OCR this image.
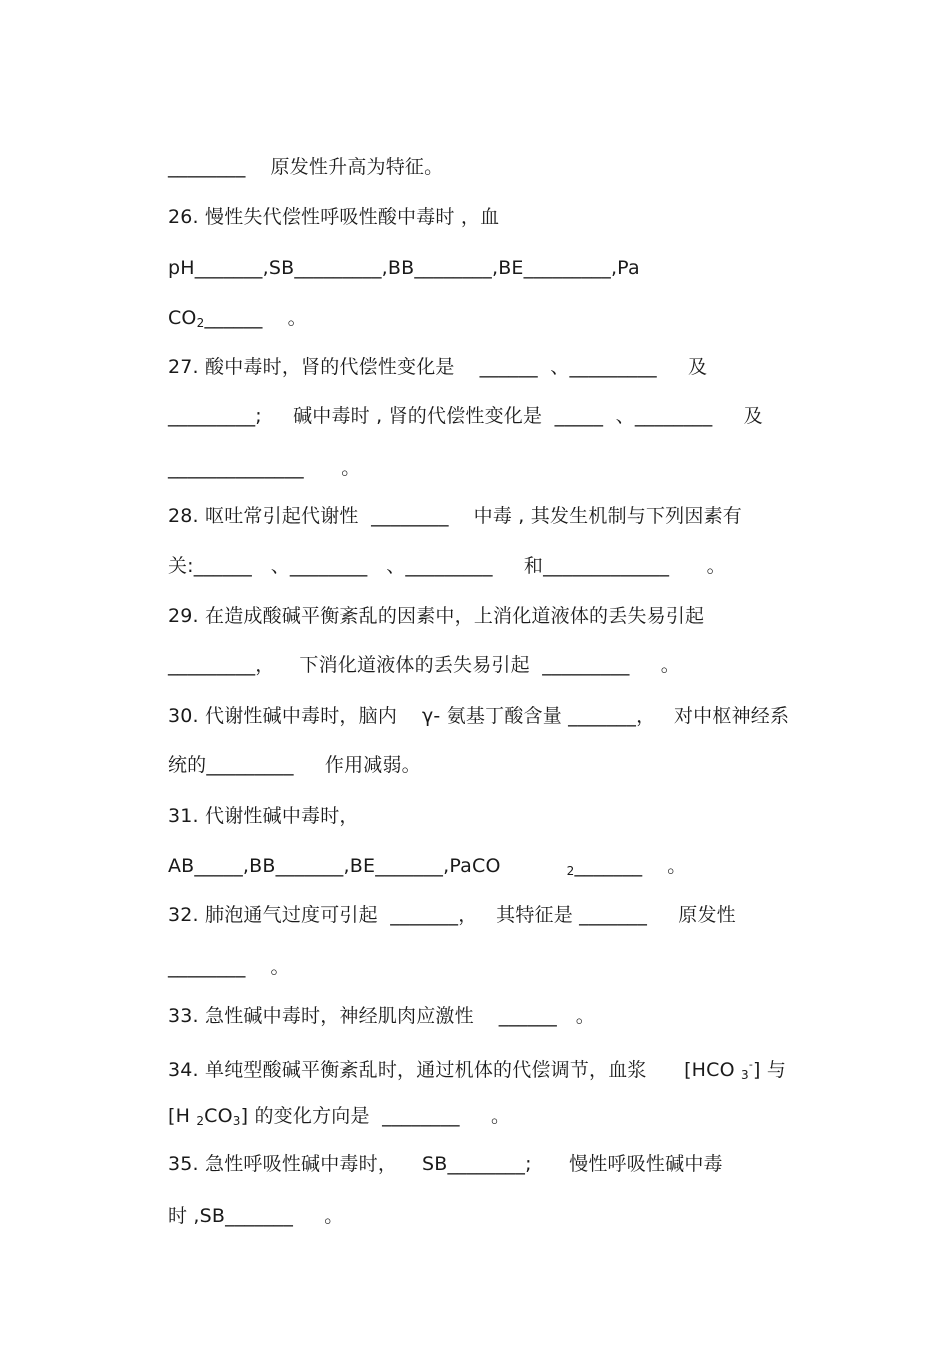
________    原发性升高为特征。

26. 慢性失代偿性呼吸性酸中毒时 ，血

pH_______,SB_________,BB________,BE_________,Pa

$CO_2\_\_\_\_\_\_$    。

27. 酸中毒时，肾的代偿性变化是    ______  、_________     及

_________;     碱中毒时 , 肾的代偿性变化是  _____  、________     及

______________      。

28. 呕吐常引起代谢性  ________    中毒 , 其发生机制与下列因素有

关:______   、________   、_________     和_____________      。

29. 在造成酸碱平衡紊乱的因素中，上消化道液体的丢失易引起

_________，    下消化道液体的丢失易引起  _________     。

30. 代谢性碱中毒时，脑内    γ- 氨基丁酸含量 _______，   对中枢神经系

统的_________     作用减弱。

31. 代谢性碱中毒时，

AB_____,BB_______,BE_______,PaCO	$_2$_______    。

32. 肺泡通气过度可引起  _______，   其特征是 _______     原发性

________    。

33. 急性碱中毒时，神经肌肉应激性    ______   。

34. 单纯型酸碱平衡紊乱时，通过机体的代偿调节，血浆      [HCO $_3$-] 与

[H $_2CO_3$] 的变化方向是  ________     。

35. 急性呼吸性碱中毒时，    SB________;      慢性呼吸性碱中毒

时 ,SB_______     。
